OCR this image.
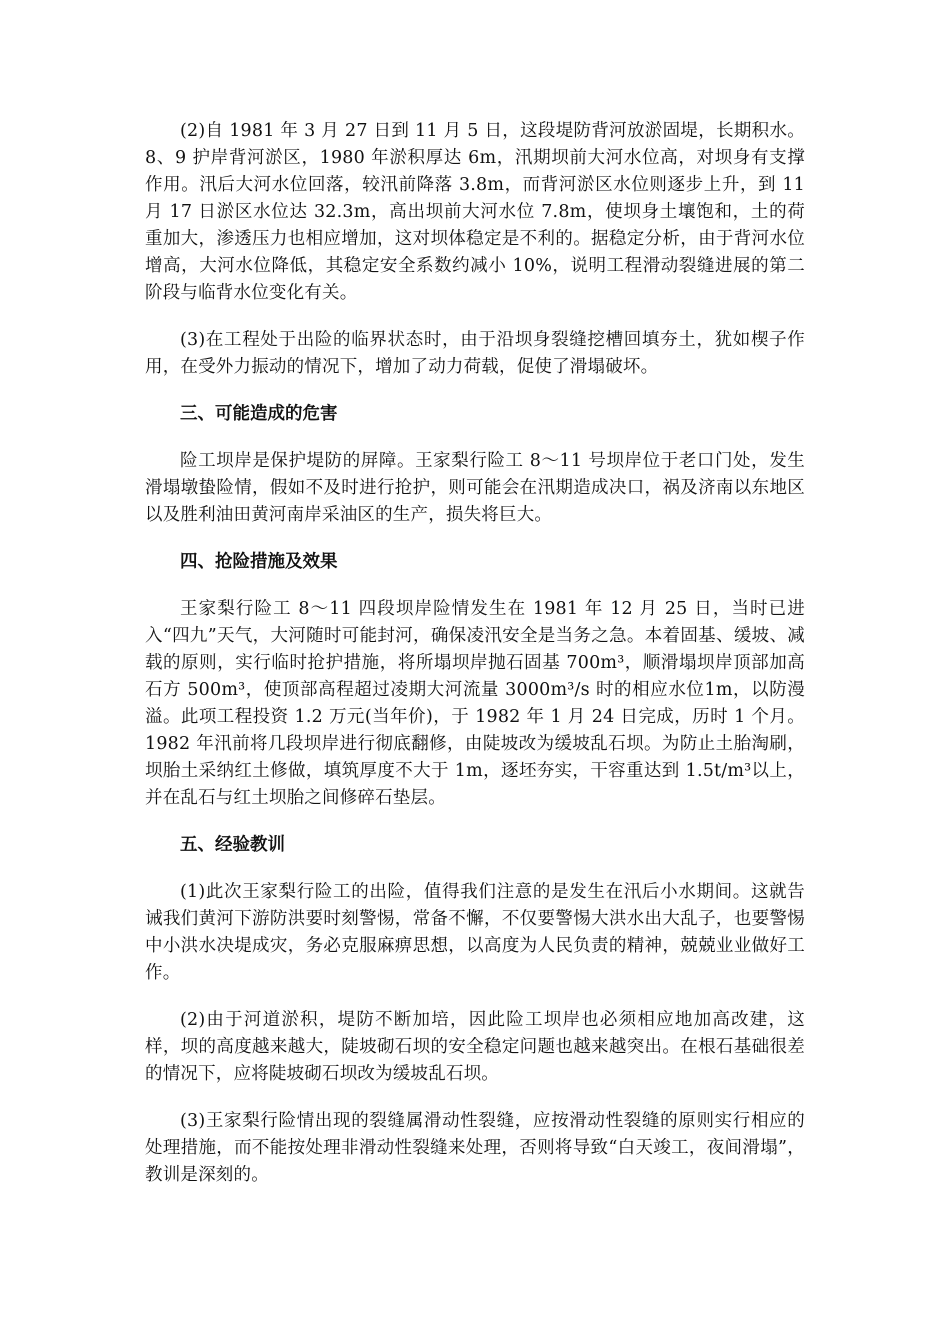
(2)自 1981 年 3 月 27 日到 11 月 5 日，这段堤防背河放淤固堤，长期积水。8、9 护岸背河淤区，1980 年淤积厚达 6m，汛期坝前大河水位高，对坝身有支撑作用。汛后大河水位回落，较汛前降落 3.8m，而背河淤区水位则逐步上升，到 11 月 17 日淤区水位达 32.3m，高出坝前大河水位 7.8m，使坝身土壤饱和，土的荷重加大，渗透压力也相应增加，这对坝体稳定是不利的。据稳定分析，由于背河水位增高，大河水位降低，其稳定安全系数约减小 10%，说明工程滑动裂缝进展的第二阶段与临背水位变化有关。

(3)在工程处于出险的临界状态时，由于沿坝身裂缝挖槽回填夯土，犹如楔子作用，在受外力振动的情况下，增加了动力荷载，促使了滑塌破坏。

三、可能造成的危害

险工坝岸是保护堤防的屏障。王家梨行险工 8～11 号坝岸位于老口门处，发生滑塌墩蛰险情，假如不及时进行抢护，则可能会在汛期造成决口，祸及济南以东地区以及胜利油田黄河南岸采油区的生产，损失将巨大。

四、抢险措施及效果

王家梨行险工 8～11 四段坝岸险情发生在 1981 年 12 月 25 日，当时已进入“四九”天气，大河随时可能封河，确保凌汛安全是当务之急。本着固基、缓坡、减载的原则，实行临时抢护措施，将所塌坝岸抛石固基 700m³，顺滑塌坝岸顶部加高石方 500m³，使顶部高程超过凌期大河流量 3000m³/s 时的相应水位1m，以防漫溢。此项工程投资 1.2 万元(当年价)，于 1982 年 1 月 24 日完成，历时 1 个月。1982 年汛前将几段坝岸进行彻底翻修，由陡坡改为缓坡乱石坝。为防止土胎淘刷，坝胎土采纳红土修做，填筑厚度不大于 1m，逐坯夯实，干容重达到 1.5t/m³以上，并在乱石与红土坝胎之间修碎石垫层。

五、经验教训

(1)此次王家梨行险工的出险，值得我们注意的是发生在汛后小水期间。这就告诫我们黄河下游防洪要时刻警惕，常备不懈，不仅要警惕大洪水出大乱子，也要警惕中小洪水决堤成灾，务必克服麻痹思想，以高度为人民负责的精神，兢兢业业做好工作。

(2)由于河道淤积，堤防不断加培，因此险工坝岸也必须相应地加高改建，这样，坝的高度越来越大，陡坡砌石坝的安全稳定问题也越来越突出。在根石基础很差的情况下，应将陡坡砌石坝改为缓坡乱石坝。

(3)王家梨行险情出现的裂缝属滑动性裂缝，应按滑动性裂缝的原则实行相应的处理措施，而不能按处理非滑动性裂缝来处理，否则将导致“白天竣工，夜间滑塌”，教训是深刻的。
